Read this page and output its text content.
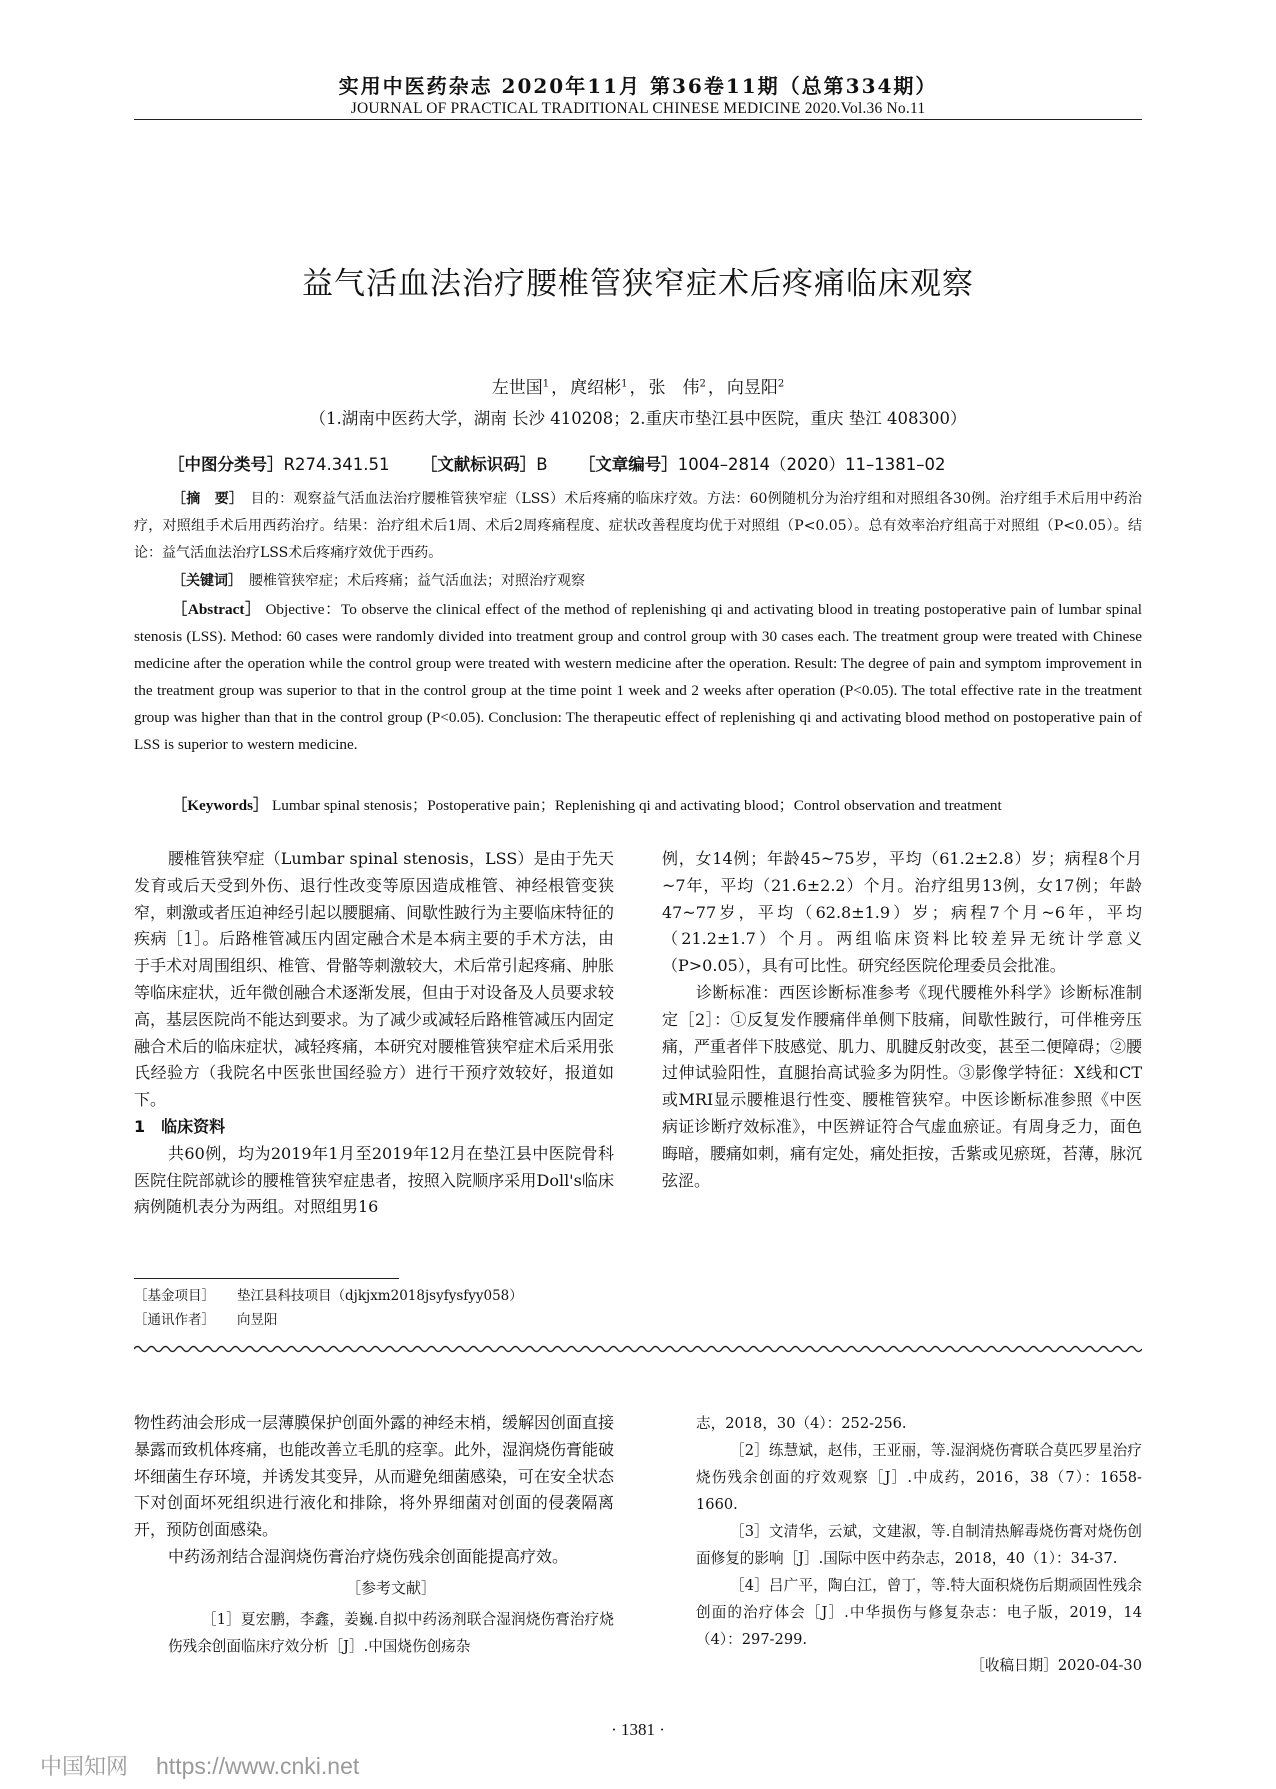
实用中医药杂志 2020年11月 第36卷11期（总第334期）
JOURNAL OF PRACTICAL TRADITIONAL CHINESE MEDICINE 2020.Vol.36 No.11
益气活血法治疗腰椎管狭窄症术后疼痛临床观察
左世国$^1$ ， 庹绍彬$^1$ ， 张　伟$^2$ ， 向昱阳$^2$
（1.湖南中医药大学，湖南 长沙 410208；2.重庆市垫江县中医院，重庆 垫江 408300）
［中图分类号］R274.341.51 ［文献标识码］B ［文章编号］1004–2814（2020）11–1381–02

［摘　要］　 目的：观察益气活血法治疗腰椎管狭窄症（LSS）术后疼痛的临床疗效。方法：60例随机分为治疗组和对照组各30例。治疗组手术后用中药治疗，对照组手术后用西药治疗。结果：治疗组术后1周、术后2周疼痛程度、症状改善程度均优于对照组（P<0.05）。总有效率治疗组高于对照组（P<0.05）。结论：益气活血法治疗LSS术后疼痛疗效优于西药。

［关键词］　 腰椎管狭窄症；术后疼痛；益气活血法；对照治疗观察

［Abstract］ Objective：To observe the clinical effect of the method of replenishing qi and activating blood in treating postoperative pain of lumbar spinal stenosis (LSS). Method: 60 cases were randomly divided into treatment group and control group with 30 cases each. The treatment group were treated with Chinese medicine after the operation while the control group were treated with western medicine after the operation. Result: The degree of pain and symptom improvement in the treatment group was superior to that in the control group at the time point 1 week and 2 weeks after operation (P<0.05). The total effective rate in the treatment group was higher than that in the control group (P<0.05). Conclusion: The therapeutic effect of replenishing qi and activating blood method on postoperative pain of LSS is superior to western medicine.

［Keywords］ Lumbar spinal stenosis；Postoperative pain；Replenishing qi and activating blood；Control observation and treatment

腰椎管狭窄症（Lumbar spinal stenosis，LSS）是由于先天发育或后天受到外伤、退行性改变等原因造成椎管、神经根管变狭窄，刺激或者压迫神经引起以腰腿痛、间歇性跛行为主要临床特征的疾病［1］。后路椎管减压内固定融合术是本病主要的手术方法，由于手术对周围组织、椎管、骨骼等刺激较大，术后常引起疼痛、肿胀等临床症状，近年微创融合术逐渐发展，但由于对设备及人员要求较高，基层医院尚不能达到要求。为了减少或减轻后路椎管减压内固定融合术后的临床症状，减轻疼痛，本研究对腰椎管狭窄症术后采用张氏经验方（我院名中医张世国经验方）进行干预疗效较好，报道如下。

1　临床资料

共60例，均为2019年1月至2019年12月在垫江县中医院骨科医院住院部就诊的腰椎管狭窄症患者，按照入院顺序采用Doll's临床病例随机表分为两组。对照组男16

例，女14例；年龄45~75岁，平均（61.2±2.8）岁；病程8个月~7年，平均（21.6±2.2）个月。治疗组男13例，女17例；年龄47~77岁，平均（62.8±1.9）岁；病程7个月~6年，平均（21.2±1.7）个月。两组临床资料比较差异无统计学意义（P>0.05），具有可比性。研究经医院伦理委员会批准。

诊断标准：西医诊断标准参考《现代腰椎外科学》诊断标准制定［2］：①反复发作腰痛伴单侧下肢痛，间歇性跛行，可伴椎旁压痛，严重者伴下肢感觉、肌力、肌腱反射改变，甚至二便障碍；②腰过伸试验阳性，直腿抬高试验多为阴性。③影像学特征：X线和CT或MRI显示腰椎退行性变、腰椎管狭窄。中医诊断标准参照《中医病证诊断疗效标准》，中医辨证符合气虚血瘀证。有周身乏力，面色晦暗，腰痛如刺，痛有定处，痛处拒按，舌紫或见瘀斑，苔薄，脉沉弦涩。

［基金项目］ 垫江县科技项目（djkjxm2018jsyfysfyy058）
［通讯作者］ 向昱阳

物性药油会形成一层薄膜保护创面外露的神经末梢，缓解因创面直接暴露而致机体疼痛，也能改善立毛肌的痉挛。此外，湿润烧伤膏能破坏细菌生存环境，并诱发其变异，从而避免细菌感染，可在安全状态下对创面坏死组织进行液化和排除，将外界细菌对创面的侵袭隔离开，预防创面感染。

中药汤剂结合湿润烧伤膏治疗烧伤残余创面能提高疗效。

［参考文献］

［1］夏宏鹏，李鑫，姜巍.自拟中药汤剂联合湿润烧伤膏治疗烧伤残余创面临床疗效分析［J］.中国烧伤创疡杂

志，2018，30（4）：252-256.

［2］练慧斌，赵伟，王亚丽，等.湿润烧伤膏联合莫匹罗星治疗烧伤残余创面的疗效观察［J］.中成药，2016，38（7）：1658-1660.

［3］文清华，云斌，文建淑，等.自制清热解毒烧伤膏对烧伤创面修复的影响［J］.国际中医中药杂志，2018，40（1）：34-37.

［4］吕广平，陶白江，曾丁，等.特大面积烧伤后期顽固性残余创面的治疗体会［J］.中华损伤与修复杂志：电子版，2019，14（4）：297-299.

［收稿日期］2020-04-30

· 1381 ·
中国知网 https://www.cnki.net
